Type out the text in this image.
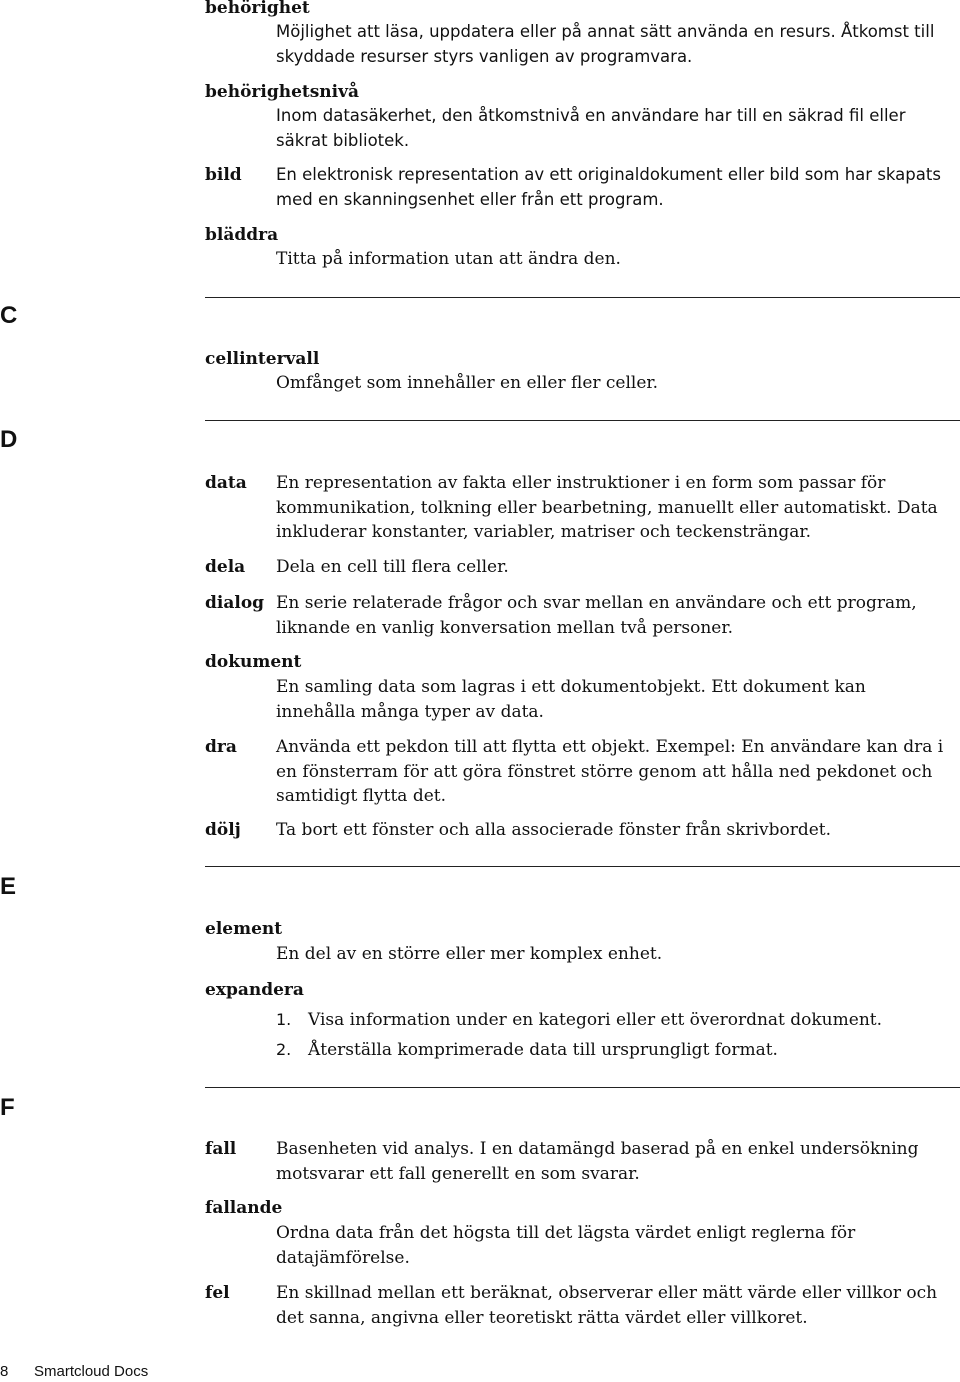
behörighet
Möjlighet att läsa, uppdatera eller på annat sätt använda en resurs. Åtkomst till skyddade resurser styrs vanligen av programvara.
behörighetsnivå
Inom datasäkerhet, den åtkomstnivå en användare har till en säkrad fil eller säkrat bibliotek.
bild En elektronisk representation av ett originaldokument eller bild som har skapats med en skanningsenhet eller från ett program.
bläddra
Titta på information utan att ändra den.
C
cellintervall
Omfånget som innehåller en eller fler celler.
D
data En representation av fakta eller instruktioner i en form som passar för kommunikation, tolkning eller bearbetning, manuellt eller automatiskt. Data inkluderar konstanter, variabler, matriser och teckensträngar.
dela Dela en cell till flera celler.
dialog En serie relaterade frågor och svar mellan en användare och ett program, liknande en vanlig konversation mellan två personer.
dokument
En samling data som lagras i ett dokumentobjekt. Ett dokument kan innehålla många typer av data.
dra Använda ett pekdon till att flytta ett objekt. Exempel: En användare kan dra i en fönsterram för att göra fönstret större genom att hålla ned pekdonet och samtidigt flytta det.
dölj Ta bort ett fönster och alla associerade fönster från skrivbordet.
E
element
En del av en större eller mer komplex enhet.
expandera
1. Visa information under en kategori eller ett överordnat dokument.
2. Återställa komprimerade data till ursprungligt format.
F
fall Basenheten vid analys. I en datamängd baserad på en enkel undersökning motsvarar ett fall generellt en som svarar.
fallande
Ordna data från det högsta till det lägsta värdet enligt reglerna för datajämförelse.
fel	En skillnad mellan ett beräknat, observerar eller mätt värde eller villkor och det sanna, angivna eller teoretiskt rätta värdet eller villkoret.
8 Smartcloud Docs
